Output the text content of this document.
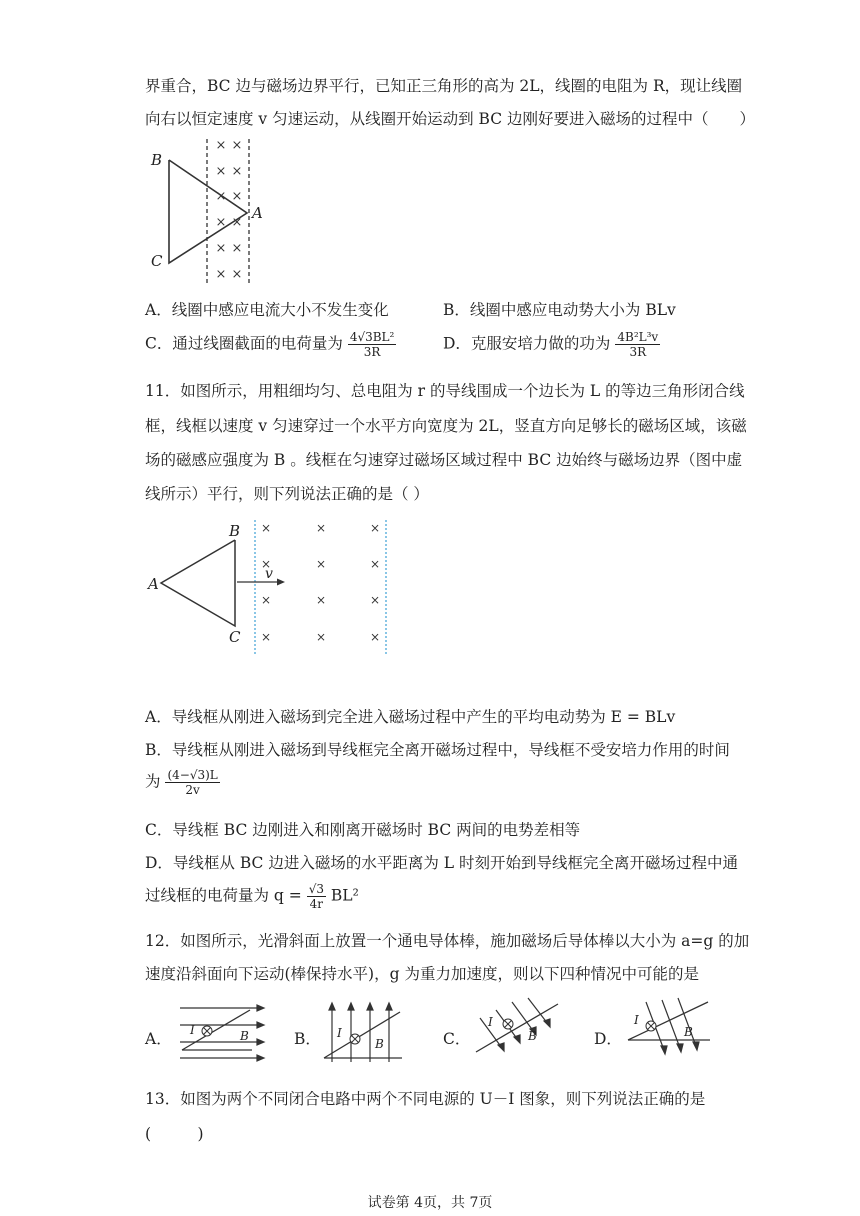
界重合，BC 边与磁场边界平行，已知正三角形的高为 2L，线圈的电阻为 R，现让线圈
向右以恒定速度 v 匀速运动，从线圈开始运动到 BC 边刚好要进入磁场的过程中（　　）
× ×
× ×
× ×
× ×
× ×
× ×
B
C
A
A．线圈中感应电流大小不发生变化	B．线圈中感应电动势大小为 BLv
C．通过线圈截面的电荷量为 $\frac{\text{4√3BL²}}{3R}$	D．克服安培力做的功为 $\frac{\text{4B²L³v}}{3R}$
11．如图所示，用粗细均匀、总电阻为 r 的导线围成一个边长为 L 的等边三角形闭合线
框，线框以速度 v 匀速穿过一个水平方向宽度为 2L，竖直方向足够长的磁场区域，该磁
场的磁感应强度为 B 。线框在匀速穿过磁场区域过程中 BC 边始终与磁场边界（图中虚
线所示）平行，则下列说法正确的是（ ）
v
A
B
C
×	×	×
×	×	×
×	×	×
×	×	×
A．导线框从刚进入磁场到完全进入磁场过程中产生的平均电动势为 E = BLv
B．导线框从刚进入磁场到导线框完全离开磁场过程中，导线框不受安培力作用的时间
为 $\frac{(4-√3)L}{2v}$
C．导线框 BC 边刚进入和刚离开磁场时 BC 两间的电势差相等
D．导线框从 BC 边进入磁场的水平距离为 L 时刻开始到导线框完全离开磁场过程中通
过线框的电荷量为 $q = \frac{√3}{4r} BL^2$
12．如图所示，光滑斜面上放置一个通电导体棒，施加磁场后导体棒以大小为 a=g 的加
速度沿斜面向下运动(棒保持水平)，g 为重力加速度，则以下四种情况中可能的是
A．	B．	C．	D．
I	B	I
B
I
B
I
B
13．如图为两个不同闭合电路中两个不同电源的 U－I 图象，则下列说法正确的是
(　　　)
试卷第 4页，共 7页
